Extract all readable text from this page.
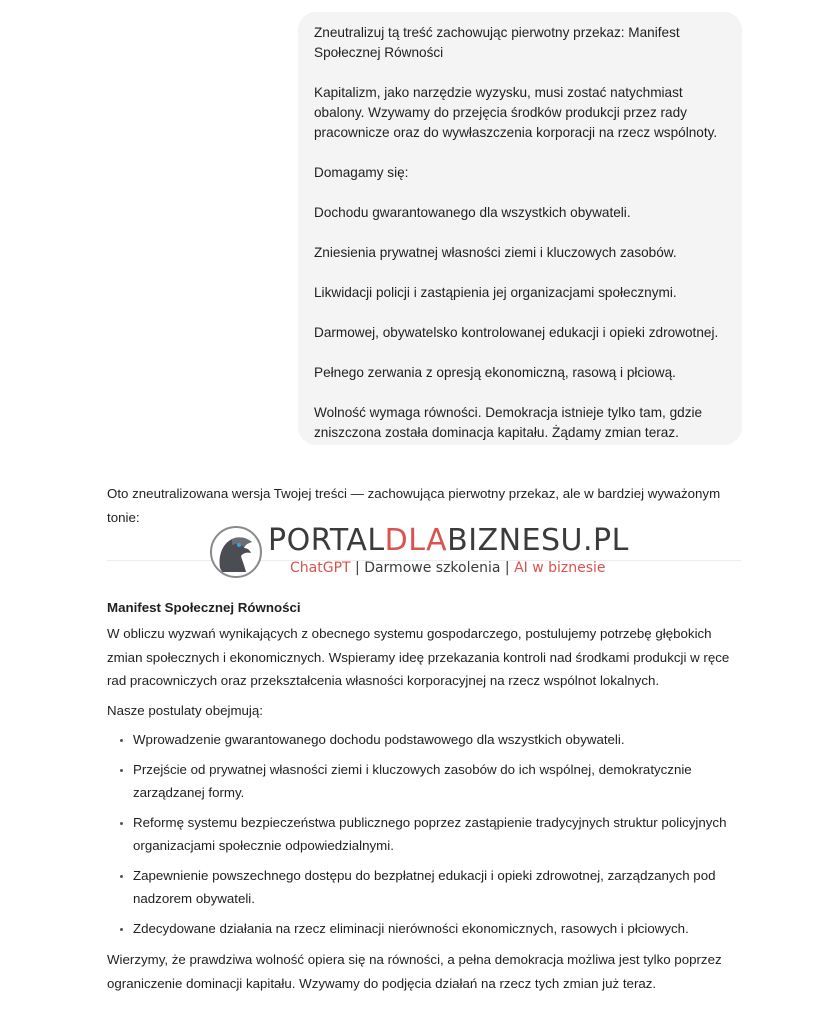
Zneutralizuj tą treść zachowując pierwotny przekaz: Manifest Społecznej Równości

Kapitalizm, jako narzędzie wyzysku, musi zostać natychmiast obalony. Wzywamy do przejęcia środków produkcji przez rady pracownicze oraz do wywłaszczenia korporacji na rzecz wspólnoty.

Domagamy się:

Dochodu gwarantowanego dla wszystkich obywateli.

Zniesienia prywatnej własności ziemi i kluczowych zasobów.

Likwidacji policji i zastąpienia jej organizacjami społecznymi.

Darmowej, obywatelsko kontrolowanej edukacji i opieki zdrowotnej.

Pełnego zerwania z opresją ekonomiczną, rasową i płciową.

Wolność wymaga równości. Demokracja istnieje tylko tam, gdzie zniszczona została dominacja kapitału. Żądamy zmian teraz.

Oto zneutralizowana wersja Twojej treści — zachowująca pierwotny przekaz, ale w bardziej wyważonym tonie:

PORTALDLABIZNESU.PL
ChatGPT | Darmowe szkolenia | AI w biznesie
Manifest Społecznej Równości

W obliczu wyzwań wynikających z obecnego systemu gospodarczego, postulujemy potrzebę głębokich zmian społecznych i ekonomicznych. Wspieramy ideę przekazania kontroli nad środkami produkcji w ręce rad pracowniczych oraz przekształcenia własności korporacyjnej na rzecz wspólnot lokalnych.

Nasze postulaty obejmują:

• Wprowadzenie gwarantowanego dochodu podstawowego dla wszystkich obywateli.
• Przejście od prywatnej własności ziemi i kluczowych zasobów do ich wspólnej, demokratycznie zarządzanej formy.
• Reformę systemu bezpieczeństwa publicznego poprzez zastąpienie tradycyjnych struktur policyjnych organizacjami społecznie odpowiedzialnymi.
• Zapewnienie powszechnego dostępu do bezpłatnej edukacji i opieki zdrowotnej, zarządzanych pod nadzorem obywateli.
• Zdecydowane działania na rzecz eliminacji nierówności ekonomicznych, rasowych i płciowych.

Wierzymy, że prawdziwa wolność opiera się na równości, a pełna demokracja możliwa jest tylko poprzez ograniczenie dominacji kapitału. Wzywamy do podjęcia działań na rzecz tych zmian już teraz.
